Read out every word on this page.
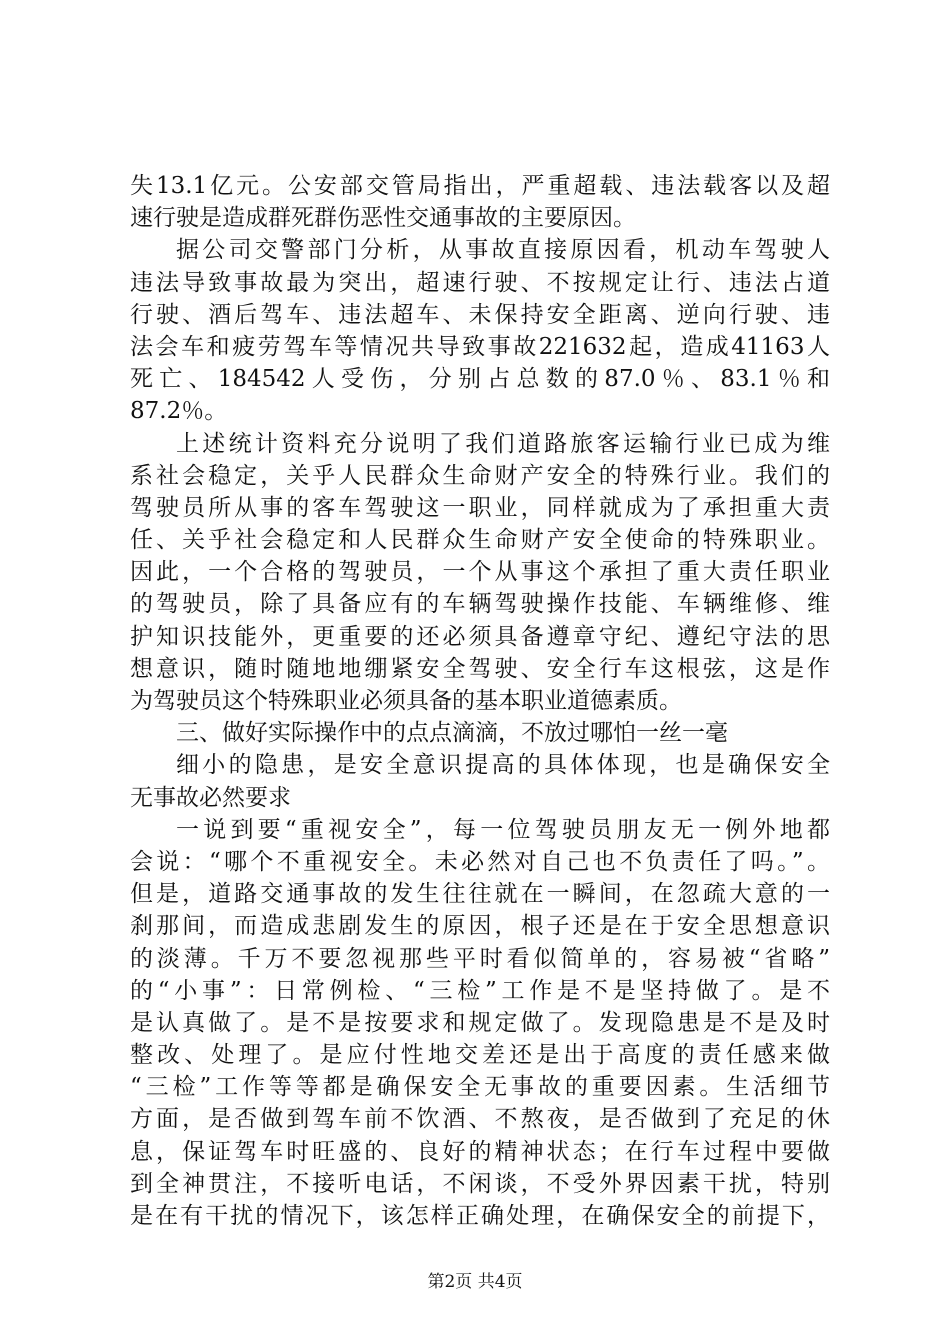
失13.1亿元。公安部交管局指出，严重超载、违法载客以及超
速行驶是造成群死群伤恶性交通事故的主要原因。
据公司交警部门分析，从事故直接原因看，机动车驾驶人
违法导致事故最为突出，超速行驶、不按规定让行、违法占道
行驶、酒后驾车、违法超车、未保持安全距离、逆向行驶、违
法会车和疲劳驾车等情况共导致事故221632起，造成41163人
死亡、184542人受伤，分别占总数的87.0％、83.1％和
87.2％。
上述统计资料充分说明了我们道路旅客运输行业已成为维
系社会稳定，关乎人民群众生命财产安全的特殊行业。我们的
驾驶员所从事的客车驾驶这一职业，同样就成为了承担重大责
任、关乎社会稳定和人民群众生命财产安全使命的特殊职业。
因此，一个合格的驾驶员，一个从事这个承担了重大责任职业
的驾驶员，除了具备应有的车辆驾驶操作技能、车辆维修、维
护知识技能外，更重要的还必须具备遵章守纪、遵纪守法的思
想意识，随时随地地绷紧安全驾驶、安全行车这根弦，这是作
为驾驶员这个特殊职业必须具备的基本职业道德素质。
三、做好实际操作中的点点滴滴，不放过哪怕一丝一毫
细小的隐患，是安全意识提高的具体体现，也是确保安全
无事故必然要求
一说到要“重视安全”，每一位驾驶员朋友无一例外地都
会说：“哪个不重视安全。未必然对自己也不负责任了吗。”。
但是，道路交通事故的发生往往就在一瞬间，在忽疏大意的一
刹那间，而造成悲剧发生的原因，根子还是在于安全思想意识
的淡薄。千万不要忽视那些平时看似简单的，容易被“省略”
的“小事”：日常例检、“三检”工作是不是坚持做了。是不
是认真做了。是不是按要求和规定做了。发现隐患是不是及时
整改、处理了。是应付性地交差还是出于高度的责任感来做
“三检”工作等等都是确保安全无事故的重要因素。生活细节
方面，是否做到驾车前不饮酒、不熬夜，是否做到了充足的休
息，保证驾车时旺盛的、良好的精神状态；在行车过程中要做
到全神贯注，不接听电话，不闲谈，不受外界因素干扰，特别
是在有干扰的情况下，该怎样正确处理，在确保安全的前提下，
第2页 共4页
